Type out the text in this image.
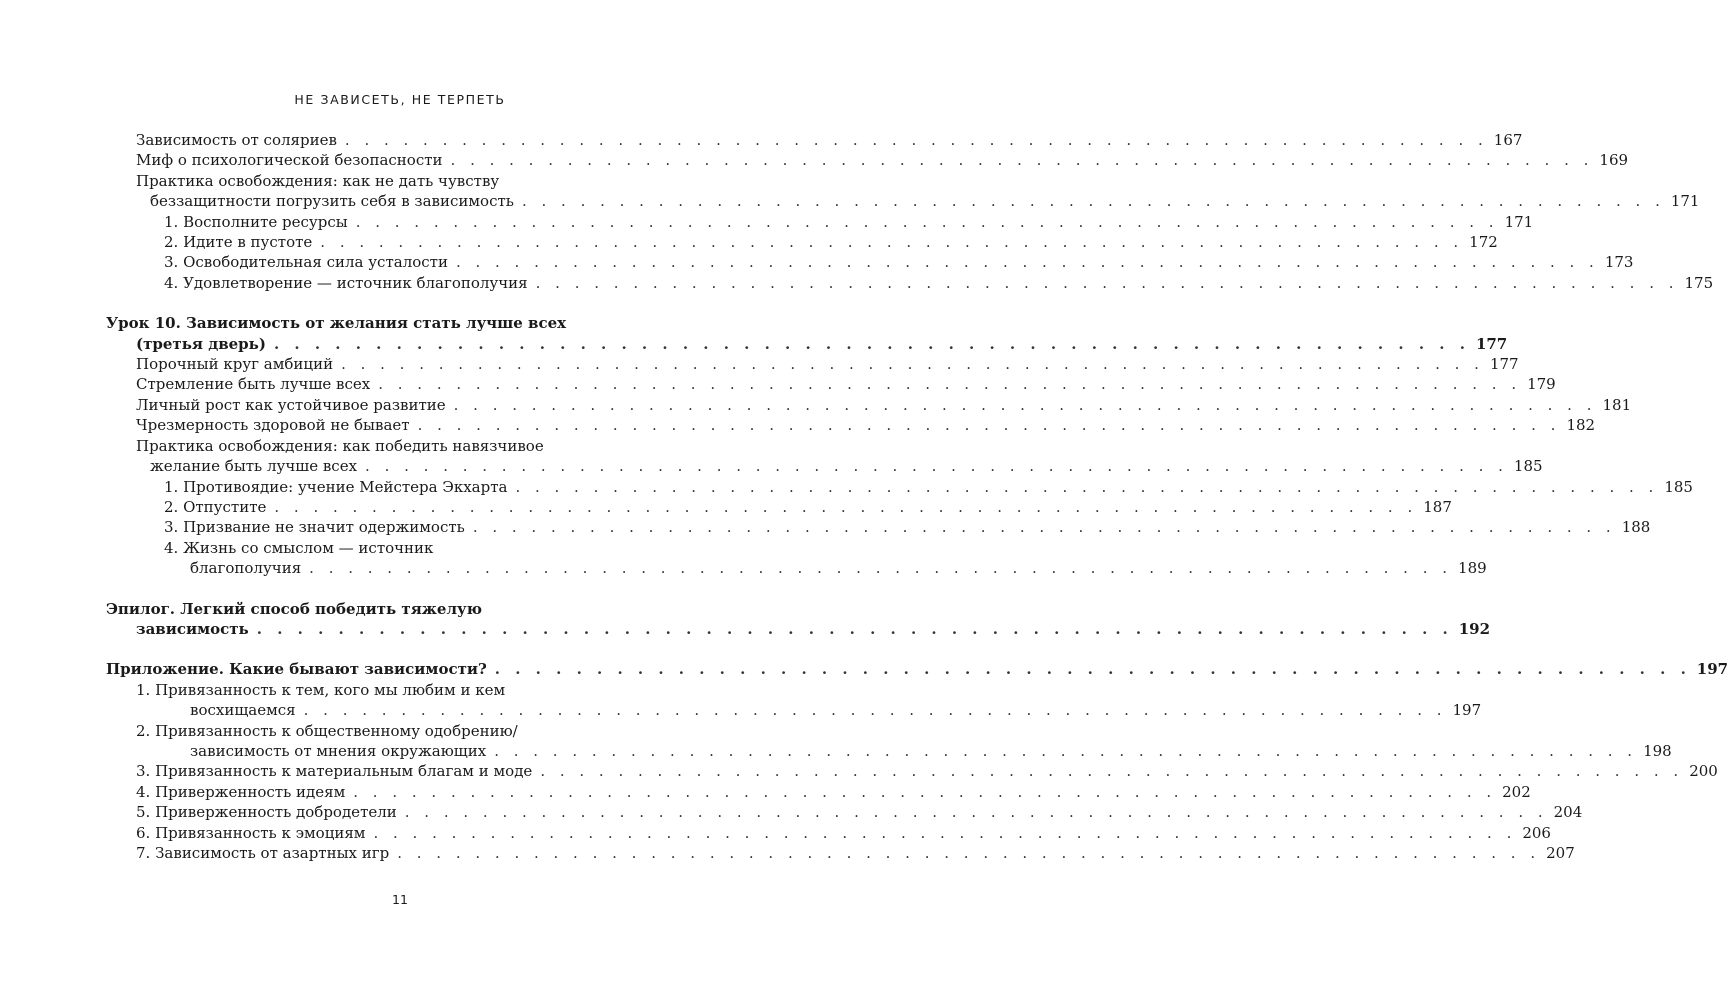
НЕ ЗАВИСЕТЬ, НЕ ТЕРПЕТЬ
Зависимость от соляриев . . . . . . . . . . . . . . . . . . . . . . . . . . . . . . . . . . . . . . . . . . . . . . . . . . . . . . . . . . . 167
Миф о психологической безопасности . . . . . . . . . . . . . . . . . . . . . . . . . . . . . . . . . . . . . . . . . . . . . . . . . . . . . . . . . . . 169
Практика освобождения: как не дать чувству
беззащитности погрузить себя в зависимость . . . . . . . . . . . . . . . . . . . . . . . . . . . . . . . . . . . . . . . . . . . . . . . . . . . . . . . . . . . 171
1. Восполните ресурсы . . . . . . . . . . . . . . . . . . . . . . . . . . . . . . . . . . . . . . . . . . . . . . . . . . . . . . . . . . . 171
2. Идите в пустоте . . . . . . . . . . . . . . . . . . . . . . . . . . . . . . . . . . . . . . . . . . . . . . . . . . . . . . . . . . . 172
3. Освободительная сила усталости . . . . . . . . . . . . . . . . . . . . . . . . . . . . . . . . . . . . . . . . . . . . . . . . . . . . . . . . . . . 173
4. Удовлетворение — источник благополучия . . . . . . . . . . . . . . . . . . . . . . . . . . . . . . . . . . . . . . . . . . . . . . . . . . . . . . . . . . . 175
Урок 10. Зависимость от желания стать лучше всех
(третья дверь) . . . . . . . . . . . . . . . . . . . . . . . . . . . . . . . . . . . . . . . . . . . . . . . . . . . . . . . . . . . 177
Порочный круг амбиций . . . . . . . . . . . . . . . . . . . . . . . . . . . . . . . . . . . . . . . . . . . . . . . . . . . . . . . . . . . 177
Стремление быть лучше всех . . . . . . . . . . . . . . . . . . . . . . . . . . . . . . . . . . . . . . . . . . . . . . . . . . . . . . . . . . . 179
Личный рост как устойчивое развитие . . . . . . . . . . . . . . . . . . . . . . . . . . . . . . . . . . . . . . . . . . . . . . . . . . . . . . . . . . . 181
Чрезмерность здоровой не бывает . . . . . . . . . . . . . . . . . . . . . . . . . . . . . . . . . . . . . . . . . . . . . . . . . . . . . . . . . . . 182
Практика освобождения: как победить навязчивое
желание быть лучше всех . . . . . . . . . . . . . . . . . . . . . . . . . . . . . . . . . . . . . . . . . . . . . . . . . . . . . . . . . . . 185
1. Противоядие: учение Мейстера Экхарта . . . . . . . . . . . . . . . . . . . . . . . . . . . . . . . . . . . . . . . . . . . . . . . . . . . . . . . . . . . 185
2. Отпустите . . . . . . . . . . . . . . . . . . . . . . . . . . . . . . . . . . . . . . . . . . . . . . . . . . . . . . . . . . . 187
3. Призвание не значит одержимость . . . . . . . . . . . . . . . . . . . . . . . . . . . . . . . . . . . . . . . . . . . . . . . . . . . . . . . . . . . 188
4. Жизнь со смыслом — источник
благополучия . . . . . . . . . . . . . . . . . . . . . . . . . . . . . . . . . . . . . . . . . . . . . . . . . . . . . . . . . . . 189
Эпилог. Легкий способ победить тяжелую
зависимость . . . . . . . . . . . . . . . . . . . . . . . . . . . . . . . . . . . . . . . . . . . . . . . . . . . . . . . . . . . 192
Приложение. Какие бывают зависимости? . . . . . . . . . . . . . . . . . . . . . . . . . . . . . . . . . . . . . . . . . . . . . . . . . . . . . . . . . . . 197
1. Привязанность к тем, кого мы любим и кем
восхищаемся . . . . . . . . . . . . . . . . . . . . . . . . . . . . . . . . . . . . . . . . . . . . . . . . . . . . . . . . . . . 197
2. Привязанность к общественному одобрению/
зависимость от мнения окружающих . . . . . . . . . . . . . . . . . . . . . . . . . . . . . . . . . . . . . . . . . . . . . . . . . . . . . . . . . . . 198
3. Привязанность к материальным благам и моде . . . . . . . . . . . . . . . . . . . . . . . . . . . . . . . . . . . . . . . . . . . . . . . . . . . . . . . . . . . 200
4. Приверженность идеям . . . . . . . . . . . . . . . . . . . . . . . . . . . . . . . . . . . . . . . . . . . . . . . . . . . . . . . . . . . 202
5. Приверженность добродетели . . . . . . . . . . . . . . . . . . . . . . . . . . . . . . . . . . . . . . . . . . . . . . . . . . . . . . . . . . . 204
6. Привязанность к эмоциям . . . . . . . . . . . . . . . . . . . . . . . . . . . . . . . . . . . . . . . . . . . . . . . . . . . . . . . . . . . 206
7. Зависимость от азартных игр . . . . . . . . . . . . . . . . . . . . . . . . . . . . . . . . . . . . . . . . . . . . . . . . . . . . . . . . . . . 207
11
